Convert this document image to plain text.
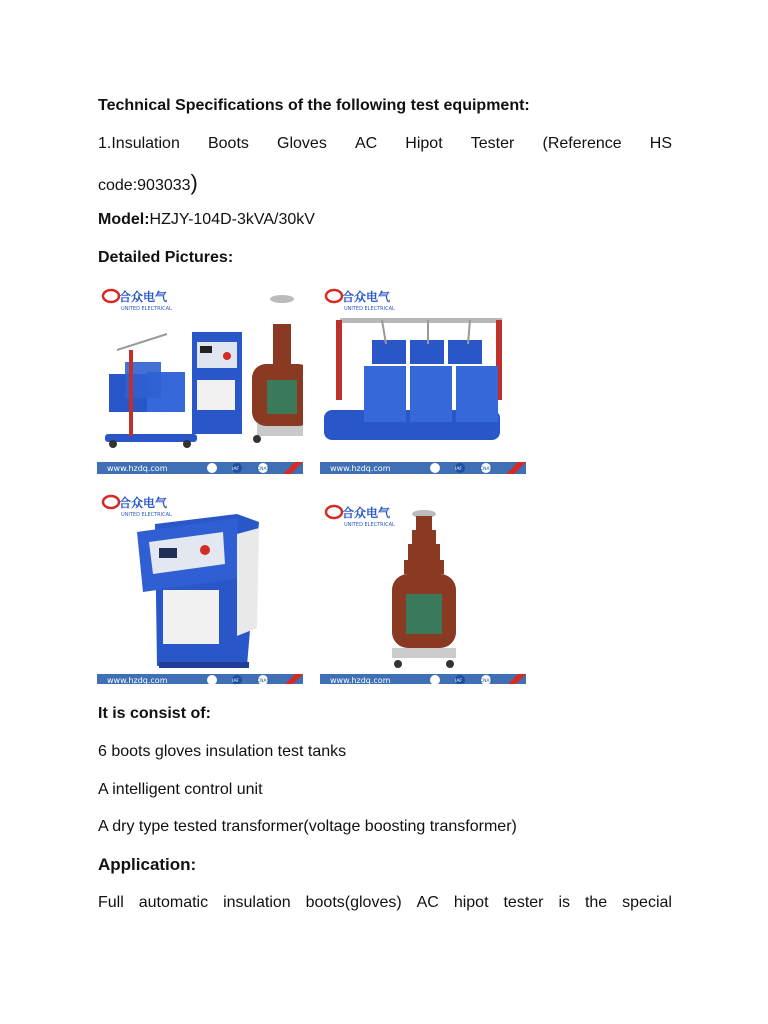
Technical Specifications of the following test equipment:
1.Insulation Boots Gloves AC Hipot Tester (Reference HS
code:903033)
Model:HZJY-104D-3kVA/30kV
Detailed Pictures:
合众电气
UNITED ELECTRICAL
www.hzdq.com	IAF	CNAS
合众电气
UNITED ELECTRICAL
www.hzdq.com	IAF	CNAS
合众电气
UNITED ELECTRICAL
www.hzdq.com	IAF	CNAS
合众电气
UNITED ELECTRICAL
www.hzdq.com	IAF	CNAS
It is consist of:
6 boots gloves insulation test tanks
A intelligent control unit
A dry type tested transformer(voltage boosting transformer)
Application:
Full automatic insulation boots(gloves) AC hipot tester is the special
